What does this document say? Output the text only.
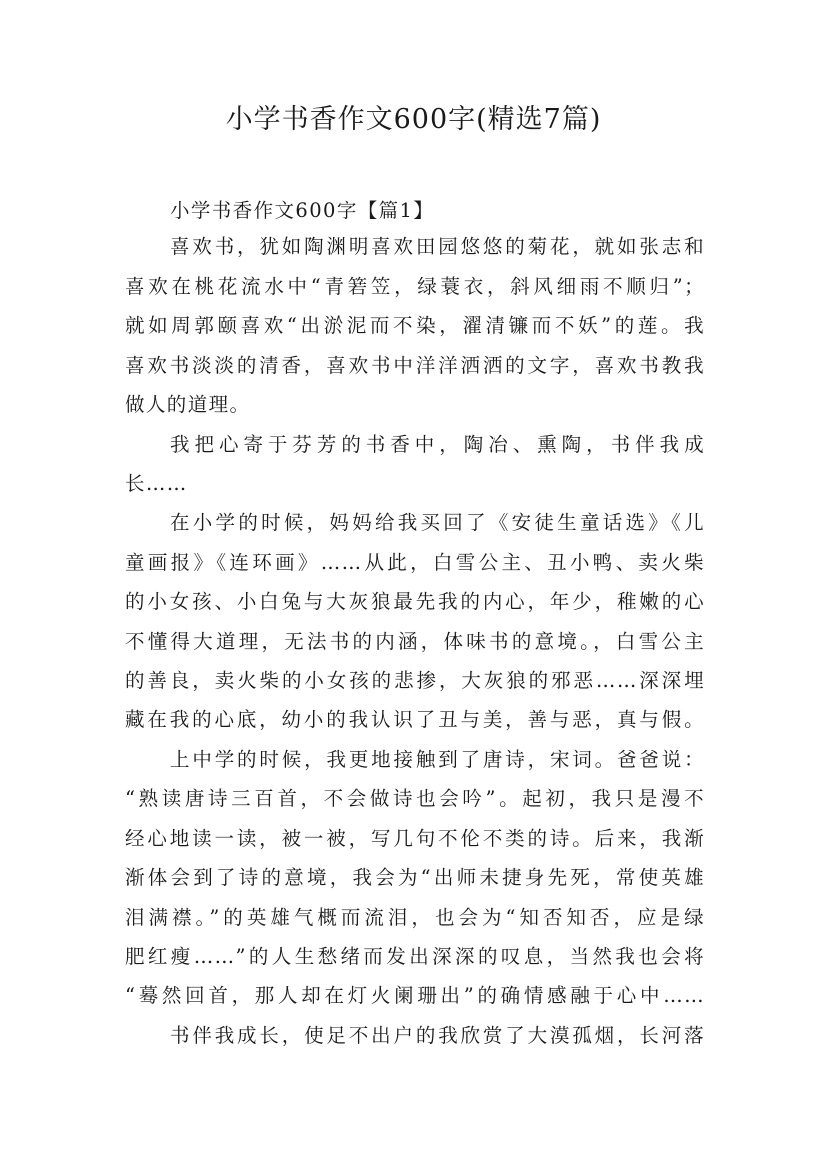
小学书香作文600字(精选7篇)
小学书香作文600字【篇1】
喜欢书，犹如陶渊明喜欢田园悠悠的菊花，就如张志和
喜欢在桃花流水中“青箬笠，绿蓑衣，斜风细雨不顺归”；
就如周郭颐喜欢“出淤泥而不染，濯清镰而不妖”的莲。我
喜欢书淡淡的清香，喜欢书中洋洋洒洒的文字，喜欢书教我
做人的道理。
我把心寄于芬芳的书香中，陶冶、熏陶，书伴我成
长……
在小学的时候，妈妈给我买回了《安徒生童话选》《儿
童画报》《连环画》……从此，白雪公主、丑小鸭、卖火柴
的小女孩、小白兔与大灰狼最先我的内心，年少，稚嫩的心
不懂得大道理，无法书的内涵，体味书的意境。，白雪公主
的善良，卖火柴的小女孩的悲掺，大灰狼的邪恶……深深埋
藏在我的心底，幼小的我认识了丑与美，善与恶，真与假。
上中学的时候，我更地接触到了唐诗，宋词。爸爸说：
“熟读唐诗三百首，不会做诗也会吟”。起初，我只是漫不
经心地读一读，被一被，写几句不伦不类的诗。后来，我渐
渐体会到了诗的意境，我会为“出师未捷身先死，常使英雄
泪满襟。”的英雄气概而流泪，也会为“知否知否，应是绿
肥红瘦……”的人生愁绪而发出深深的叹息，当然我也会将
“蓦然回首，那人却在灯火阑珊出”的确情感融于心中……
书伴我成长，使足不出户的我欣赏了大漠孤烟，长河落
